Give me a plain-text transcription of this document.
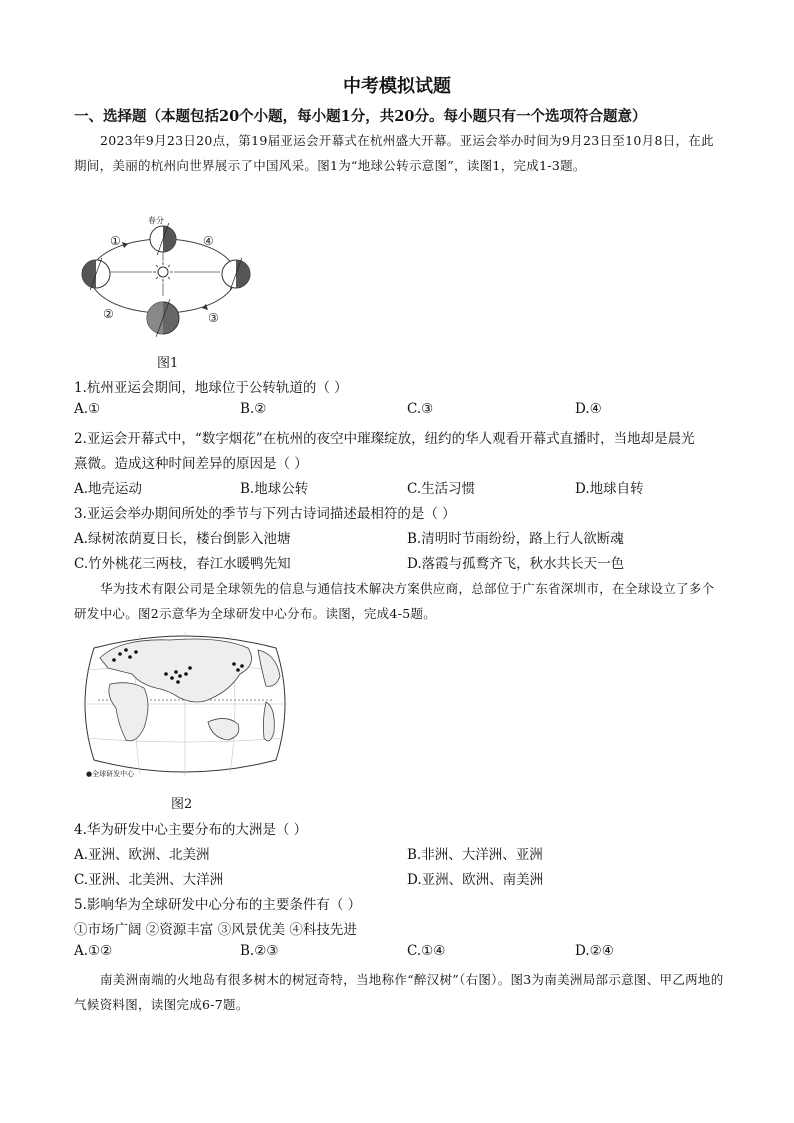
中考模拟试题
一、选择题（本题包括20个小题，每小题1分，共20分。每小题只有一个选项符合题意）
2023年9月23日20点，第19届亚运会开幕式在杭州盛大开幕。亚运会举办时间为9月23日至10月8日，在此期间，美丽的杭州向世界展示了中国风采。图1为“地球公转示意图”，读图1，完成1-3题。
春分
①
②	③
④
图1
1.杭州亚运会期间，地球位于公转轨道的（ ）
A.①	B.②	C.③	D.④
2.亚运会开幕式中，“数字烟花”在杭州的夜空中璀璨绽放，纽约的华人观看开幕式直播时，当地却是晨光
熹微。造成这种时间差异的原因是（ ）
A.地壳运动	B.地球公转	C.生活习惯	D.地球自转
3.亚运会举办期间所处的季节与下列古诗词描述最相符的是（ ）
A.绿树浓荫夏日长，楼台倒影入池塘	B.清明时节雨纷纷，路上行人欲断魂
C.竹外桃花三两枝，春江水暖鸭先知	D.落霞与孤鹜齐飞，秋水共长天一色
华为技术有限公司是全球领先的信息与通信技术解决方案供应商，总部位于广东省深圳市，在全球设立了多个研发中心。图2示意华为全球研发中心分布。读图，完成4-5题。
●全球研发中心
图2
4.华为研发中心主要分布的大洲是（ ）
A.亚洲、欧洲、北美洲	B.非洲、大洋洲、亚洲
C.亚洲、北美洲、大洋洲	D.亚洲、欧洲、南美洲
5.影响华为全球研发中心分布的主要条件有（ ）
①市场广阔 ②资源丰富 ③风景优美 ④科技先进
A.①②	B.②③	C.①④	D.②④
南美洲南端的火地岛有很多树木的树冠奇特，当地称作“醉汉树”（右图）。图3为南美洲局部示意图、甲乙两地的气候资料图，读图完成6-7题。
